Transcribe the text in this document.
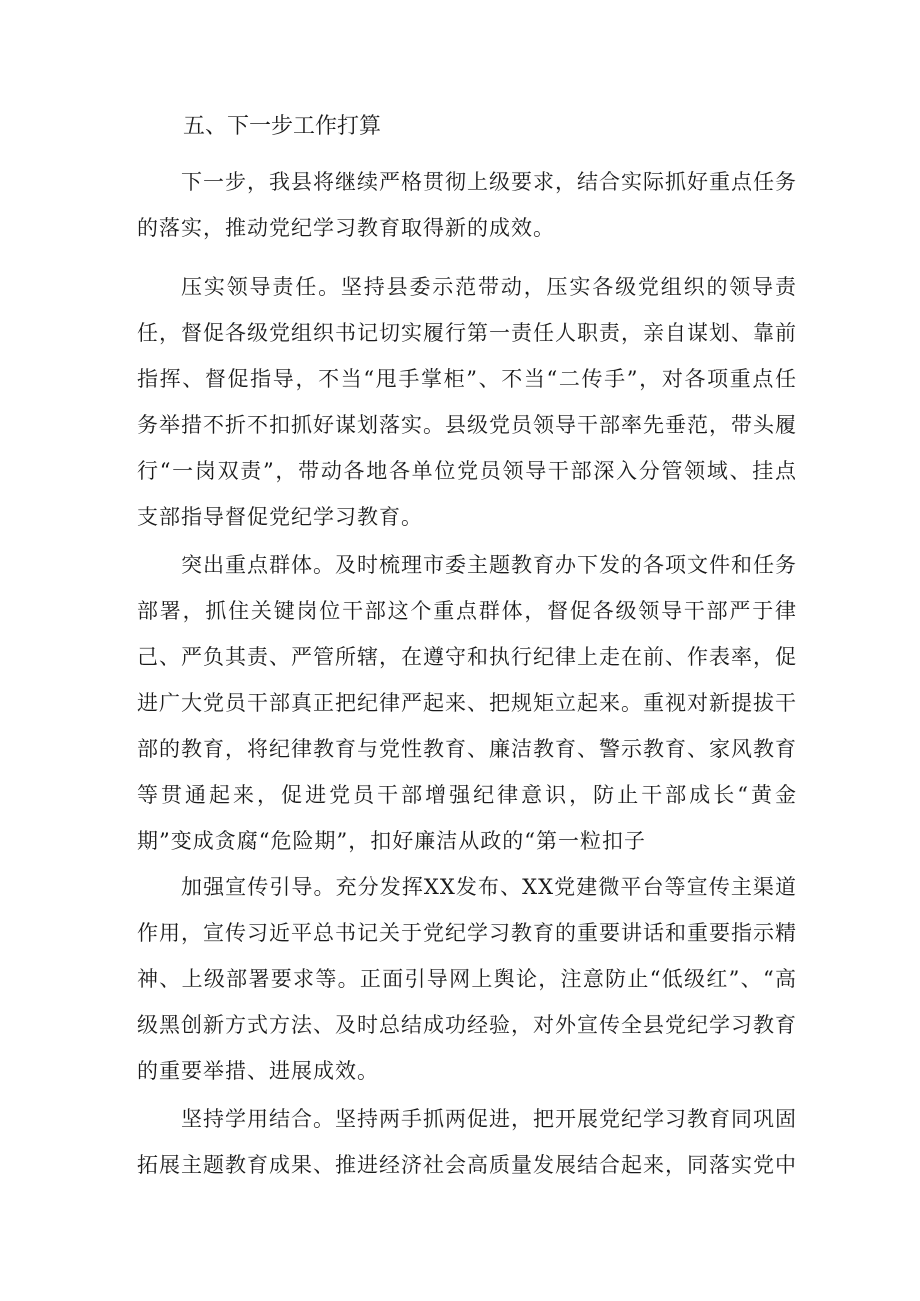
五、下一步工作打算

下一步，我县将继续严格贯彻上级要求，结合实际抓好重点任务的落实，推动党纪学习教育取得新的成效。

压实领导责任。坚持县委示范带动，压实各级党组织的领导责任，督促各级党组织书记切实履行第一责任人职责，亲自谋划、靠前指挥、督促指导，不当“甩手掌柜”、不当“二传手”，对各项重点任务举措不折不扣抓好谋划落实。县级党员领导干部率先垂范，带头履行“一岗双责”，带动各地各单位党员领导干部深入分管领域、挂点支部指导督促党纪学习教育。

突出重点群体。及时梳理市委主题教育办下发的各项文件和任务部署，抓住关键岗位干部这个重点群体，督促各级领导干部严于律己、严负其责、严管所辖，在遵守和执行纪律上走在前、作表率，促进广大党员干部真正把纪律严起来、把规矩立起来。重视对新提拔干部的教育，将纪律教育与党性教育、廉洁教育、警示教育、家风教育等贯通起来，促进党员干部增强纪律意识，防止干部成长“黄金期”变成贪腐“危险期”，扣好廉洁从政的“第一粒扣子

加强宣传引导。充分发挥XX发布、XX党建微平台等宣传主渠道作用，宣传习近平总书记关于党纪学习教育的重要讲话和重要指示精神、上级部署要求等。正面引导网上舆论，注意防止“低级红”、“高级黑创新方式方法、及时总结成功经验，对外宣传全县党纪学习教育的重要举措、进展成效。

坚持学用结合。坚持两手抓两促进，把开展党纪学习教育同巩固拓展主题教育成果、推进经济社会高质量发展结合起来，同落实党中
